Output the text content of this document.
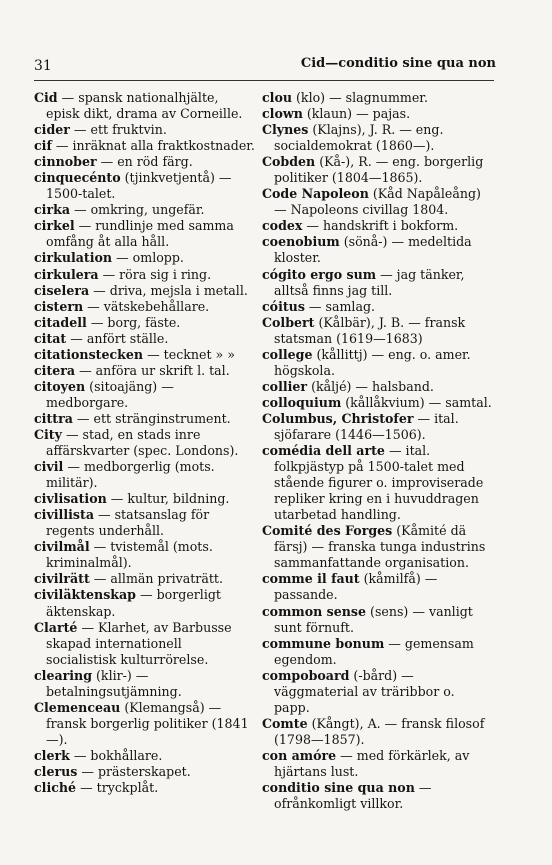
31	Cid—conditio sine qua non

Cid — spansk nationalhjälte, episk dikt, drama av Corneille.

cider — ett fruktvin.

cif — inräknat alla fraktkostnader.

cinnober — en röd färg.

cinquecénto (tjinkvetjentå) — 1500-talet.

cirka — omkring, ungefär.

cirkel — rundlinje med samma omfång åt alla håll.

cirkulation — omlopp.

cirkulera — röra sig i ring.

ciselera — driva, mejsla i metall.

cistern — vätskebehållare.

citadell — borg, fäste.

citat — anfört ställe.

citationstecken — tecknet » »

citera — anföra ur skrift l. tal.

citoyen (sitoajäng) — medborgare.

cittra — ett stränginstrument.

City — stad, en stads inre affärskvarter (spec. Londons).

civil — medborgerlig (mots. militär).

civlisation — kultur, bildning.

civillista — statsanslag för regents underhåll.

civilmål — tvistemål (mots. kriminalmål).

civilrätt — allmän privaträtt.

civiläktenskap — borgerligt äktenskap.

Clarté — Klarhet, av Barbusse skapad internationell socialistisk kulturrörelse.

clearing (klir-) — betalningsutjämning.

Clemenceau (Klemangså) — fransk borgerlig politiker (1841—).

clerk — bokhållare.

clerus — prästerskapet.

cliché — tryckplåt.

clou (klo) — slagnummer.

clown (klaun) — pajas.

Clynes (Klajns), J. R. — eng. socialdemokrat (1860—).

Cobden (Kå-), R. — eng. borgerlig politiker (1804—1865).

Code Napoleon (Kåd Napåleång) — Napoleons civillag 1804.

codex — handskrift i bokform.

coenobium (sönå-) — medeltida kloster.

cógito ergo sum — jag tänker, alltså finns jag till.

cóitus — samlag.

Colbert (Kålbär), J. B. — fransk statsman (1619—1683)

college (kållittj) — eng. o. amer. högskola.

collier (kåljé) — halsband.

colloquium (kållåkvium) — samtal.

Columbus, Christofer — ital. sjöfarare (1446—1506).

comédia dell arte — ital. folkpjästyp på 1500-talet med stående figurer o. improviserade repliker kring en i huvuddragen utarbetad handling.

Comité des Forges (Kåmité dä färsj) — franska tunga industrins sammanfattande organisation.

comme il faut (kåmilfå) — passande.

common sense (sens) — vanligt sunt förnuft.

commune bonum — gemensam egendom.

compoboard (-bård) — väggmaterial av träribbor o. papp.

Comte (Kångt), A. — fransk filosof (1798—1857).

con amóre — med förkärlek, av hjärtans lust.

conditio sine qua non — ofrånkomligt villkor.
